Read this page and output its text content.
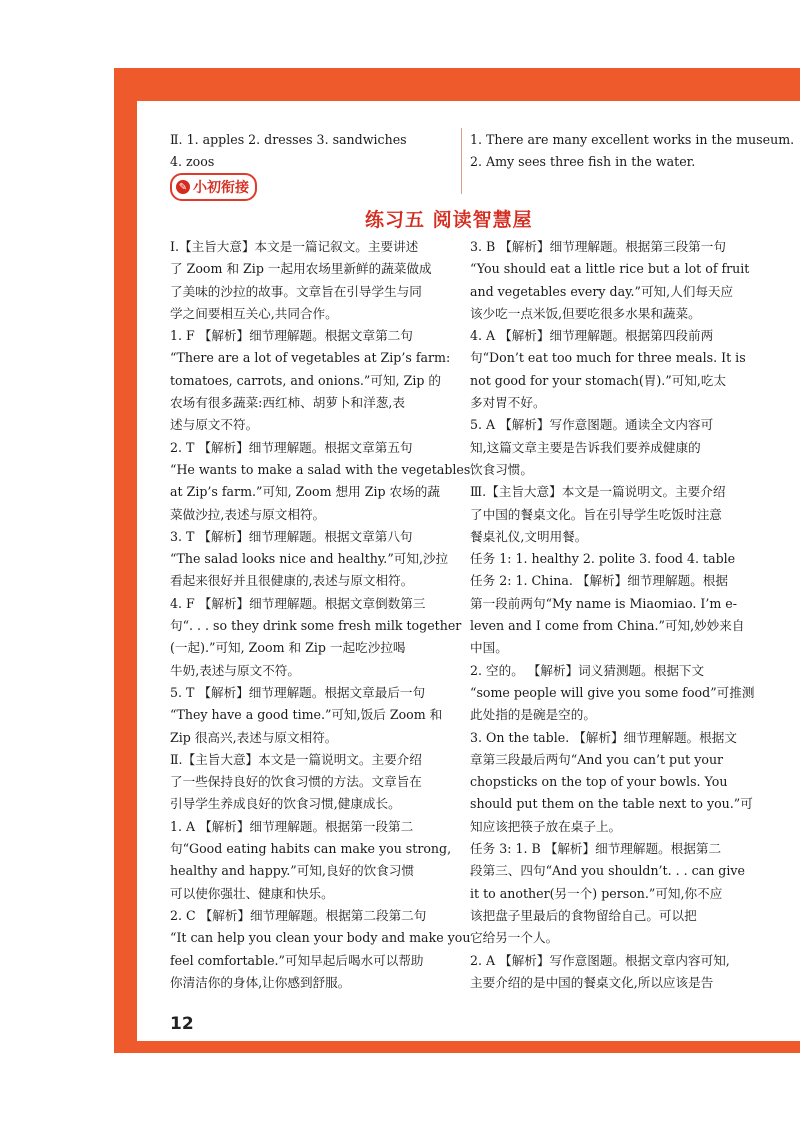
Ⅱ. 1. apples 2. dresses 3. sandwiches
4. zoos
1. There are many excellent works in the museum.
2. Amy sees three fish in the water.
✎ 小初衔接
练习五 阅读智慧屋
Ⅰ.【主旨大意】本文是一篇记叙文。主要讲述
了 Zoom 和 Zip 一起用农场里新鲜的蔬菜做成
了美味的沙拉的故事。文章旨在引导学生与同
学之间要相互关心,共同合作。
1. F 【解析】细节理解题。根据文章第二句
“There are a lot of vegetables at Zip’s farm:
tomatoes, carrots, and onions.”可知, Zip 的
农场有很多蔬菜:西红柿、胡萝卜和洋葱,表
述与原文不符。
2. T 【解析】细节理解题。根据文章第五句
“He wants to make a salad with the vegetables
at Zip’s farm.”可知, Zoom 想用 Zip 农场的蔬
菜做沙拉,表述与原文相符。
3. T 【解析】细节理解题。根据文章第八句
“The salad looks nice and healthy.”可知,沙拉
看起来很好并且很健康的,表述与原文相符。
4. F 【解析】细节理解题。根据文章倒数第三
句“. . . so they drink some fresh milk together
(一起).”可知, Zoom 和 Zip 一起吃沙拉喝
牛奶,表述与原文不符。
5. T 【解析】细节理解题。根据文章最后一句
“They have a good time.”可知,饭后 Zoom 和
Zip 很高兴,表述与原文相符。
Ⅱ.【主旨大意】本文是一篇说明文。主要介绍
了一些保持良好的饮食习惯的方法。文章旨在
引导学生养成良好的饮食习惯,健康成长。
1. A 【解析】细节理解题。根据第一段第二
句“Good eating habits can make you strong,
healthy and happy.”可知,良好的饮食习惯
可以使你强壮、健康和快乐。
2. C 【解析】细节理解题。根据第二段第二句
“It can help you clean your body and make you
feel comfortable.”可知早起后喝水可以帮助
你清洁你的身体,让你感到舒服。
3. B 【解析】细节理解题。根据第三段第一句
“You should eat a little rice but a lot of fruit
and vegetables every day.”可知,人们每天应
该少吃一点米饭,但要吃很多水果和蔬菜。
4. A 【解析】细节理解题。根据第四段前两
句“Don’t eat too much for three meals. It is
not good for your stomach(胃).”可知,吃太
多对胃不好。
5. A 【解析】写作意图题。通读全文内容可
知,这篇文章主要是告诉我们要养成健康的
饮食习惯。
Ⅲ.【主旨大意】本文是一篇说明文。主要介绍
了中国的餐桌文化。旨在引导学生吃饭时注意
餐桌礼仪,文明用餐。
任务 1: 1. healthy 2. polite 3. food 4. table
任务 2: 1. China. 【解析】细节理解题。根据
第一段前两句“My name is Miaomiao. I’m e-
leven and I come from China.”可知,妙妙来自
中国。
2. 空的。 【解析】词义猜测题。根据下文
“some people will give you some food”可推测
此处指的是碗是空的。
3. On the table. 【解析】细节理解题。根据文
章第三段最后两句“And you can’t put your
chopsticks on the top of your bowls. You
should put them on the table next to you.”可
知应该把筷子放在桌子上。
任务 3: 1. B 【解析】细节理解题。根据第二
段第三、四句“And you shouldn’t. . . can give
it to another(另一个) person.”可知,你不应
该把盘子里最后的食物留给自己。可以把
它给另一个人。
2. A 【解析】写作意图题。根据文章内容可知,
主要介绍的是中国的餐桌文化,所以应该是告
12
